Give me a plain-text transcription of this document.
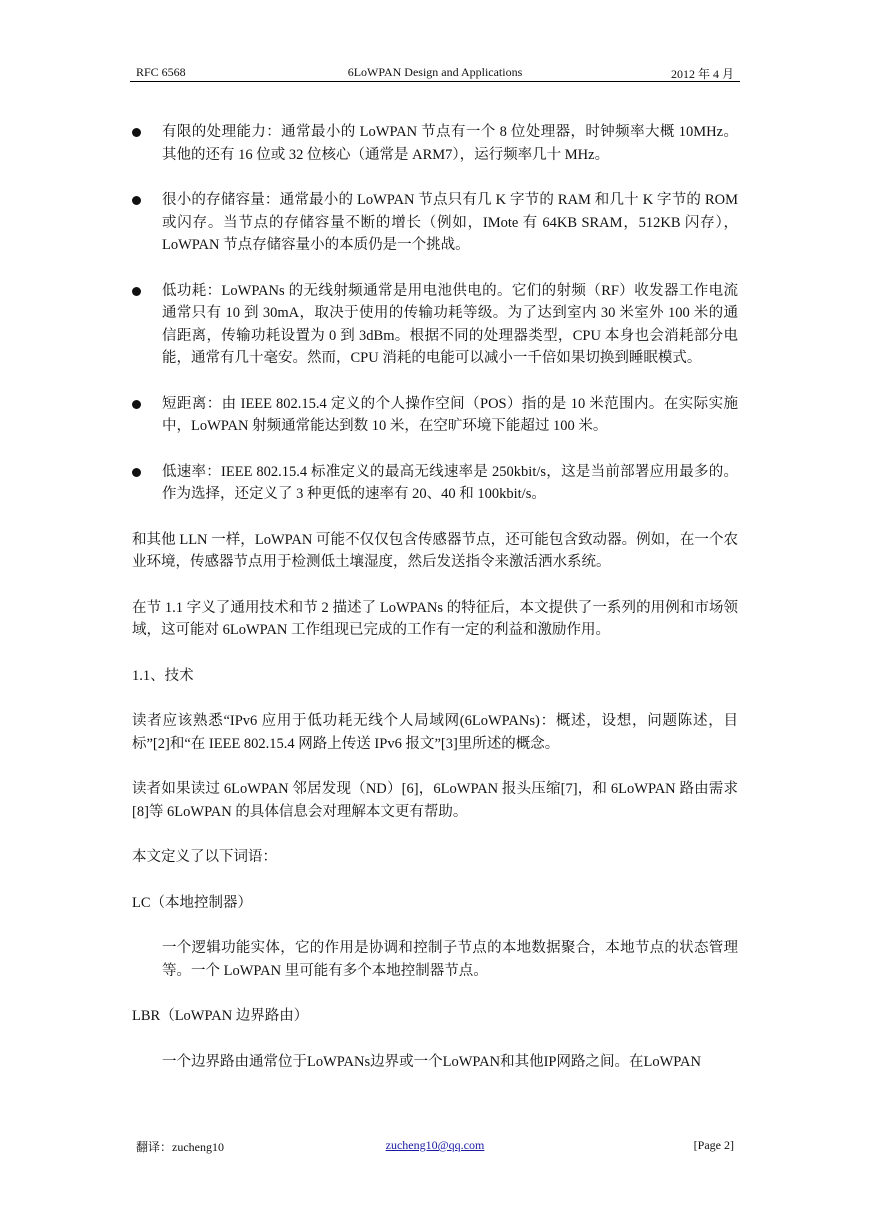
RFC 6568	6LoWPAN Design and Applications	2012 年 4 月
有限的处理能力：通常最小的 LoWPAN 节点有一个 8 位处理器，时钟频率大概 10MHz。其他的还有 16 位或 32 位核心（通常是 ARM7），运行频率几十 MHz。
很小的存储容量：通常最小的 LoWPAN 节点只有几 K 字节的 RAM 和几十 K 字节的 ROM 或闪存。当节点的存储容量不断的增长（例如，IMote 有 64KB SRAM，512KB 闪存），LoWPAN 节点存储容量小的本质仍是一个挑战。
低功耗：LoWPANs 的无线射频通常是用电池供电的。它们的射频（RF）收发器工作电流通常只有 10 到 30mA，取决于使用的传输功耗等级。为了达到室内 30 米室外 100 米的通信距离，传输功耗设置为 0 到 3dBm。根据不同的处理器类型，CPU 本身也会消耗部分电能，通常有几十毫安。然而，CPU 消耗的电能可以减小一千倍如果切换到睡眠模式。
短距离：由 IEEE 802.15.4 定义的个人操作空间（POS）指的是 10 米范围内。在实际实施中，LoWPAN 射频通常能达到数 10 米，在空旷环境下能超过 100 米。
低速率：IEEE 802.15.4 标准定义的最高无线速率是 250kbit/s，这是当前部署应用最多的。作为选择，还定义了 3 种更低的速率有 20、40 和 100kbit/s。

和其他 LLN 一样，LoWPAN 可能不仅仅包含传感器节点，还可能包含致动器。例如，在一个农业环境，传感器节点用于检测低土壤湿度，然后发送指令来激活洒水系统。

在节 1.1 字义了通用技术和节 2 描述了 LoWPANs 的特征后，本文提供了一系列的用例和市场领域，这可能对 6LoWPAN 工作组现已完成的工作有一定的利益和激励作用。

1.1、技术

读者应该熟悉“IPv6 应用于低功耗无线个人局域网(6LoWPANs)：概述，设想，问题陈述，目标”[2]和“在 IEEE 802.15.4 网路上传送 IPv6 报文”[3]里所述的概念。

读者如果读过 6LoWPAN 邻居发现（ND）[6]，6LoWPAN 报头压缩[7]，和 6LoWPAN 路由需求[8]等 6LoWPAN 的具体信息会对理解本文更有帮助。

本文定义了以下词语：

LC（本地控制器）

一个逻辑功能实体，它的作用是协调和控制子节点的本地数据聚合，本地节点的状态管理等。一个 LoWPAN 里可能有多个本地控制器节点。

LBR（LoWPAN 边界路由）

一个边界路由通常位于LoWPANs边界或一个LoWPAN和其他IP网路之间。在LoWPAN

翻译：zucheng10	zucheng10@qq.com	[Page 2]
